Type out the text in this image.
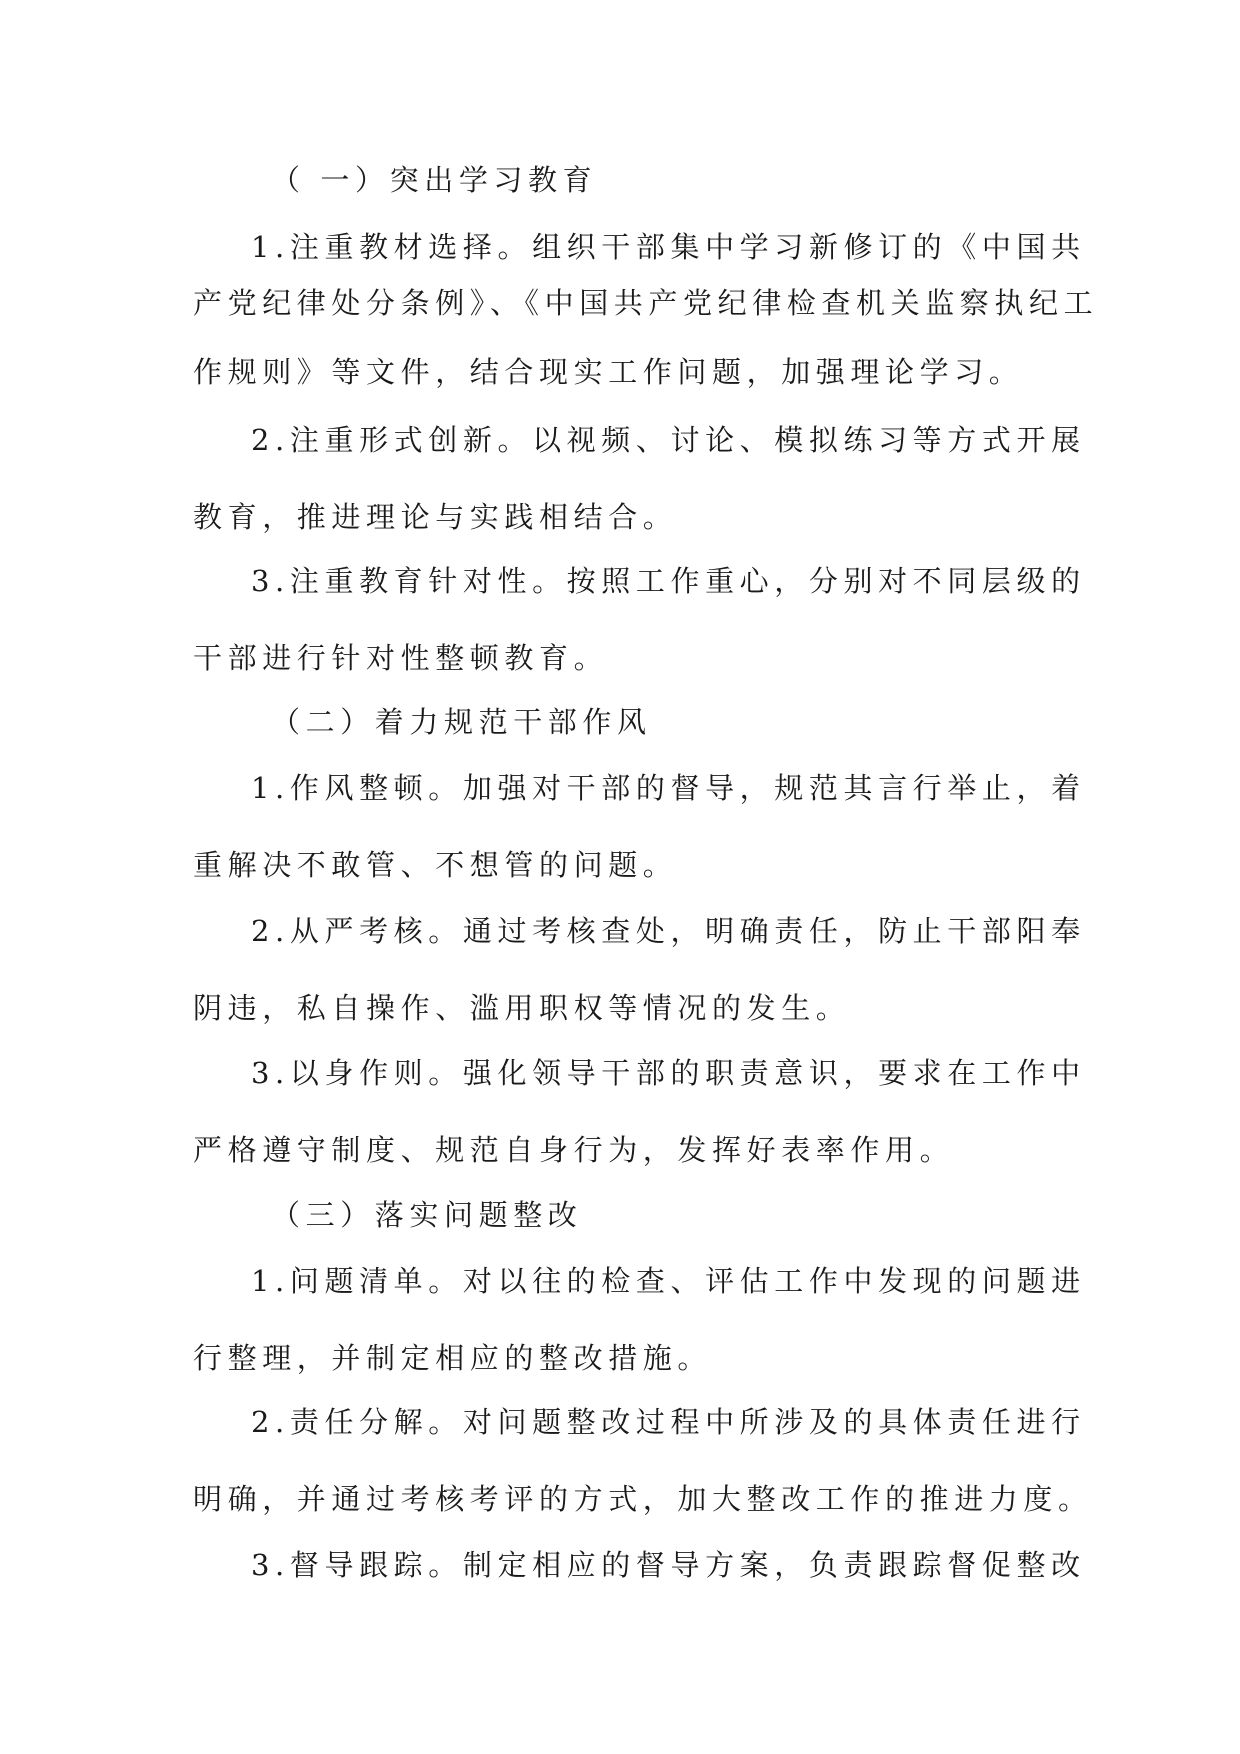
（ 一）突出学习教育
1.注重教材选择。组织干部集中学习新修订的《中国共
产党纪律处分条例》、《中国共产党纪律检查机关监察执纪工
作规则》等文件，结合现实工作问题，加强理论学习。
2.注重形式创新。以视频、讨论、模拟练习等方式开展
教育，推进理论与实践相结合。
3.注重教育针对性。按照工作重心，分别对不同层级的
干部进行针对性整顿教育。
（二）着力规范干部作风
1.作风整顿。加强对干部的督导，规范其言行举止，着
重解决不敢管、不想管的问题。
2.从严考核。通过考核查处，明确责任，防止干部阳奉
阴违，私自操作、滥用职权等情况的发生。
3.以身作则。强化领导干部的职责意识，要求在工作中
严格遵守制度、规范自身行为，发挥好表率作用。
（三）落实问题整改
1.问题清单。对以往的检查、评估工作中发现的问题进
行整理，并制定相应的整改措施。
2.责任分解。对问题整改过程中所涉及的具体责任进行
明确，并通过考核考评的方式，加大整改工作的推进力度。
3.督导跟踪。制定相应的督导方案，负责跟踪督促整改
